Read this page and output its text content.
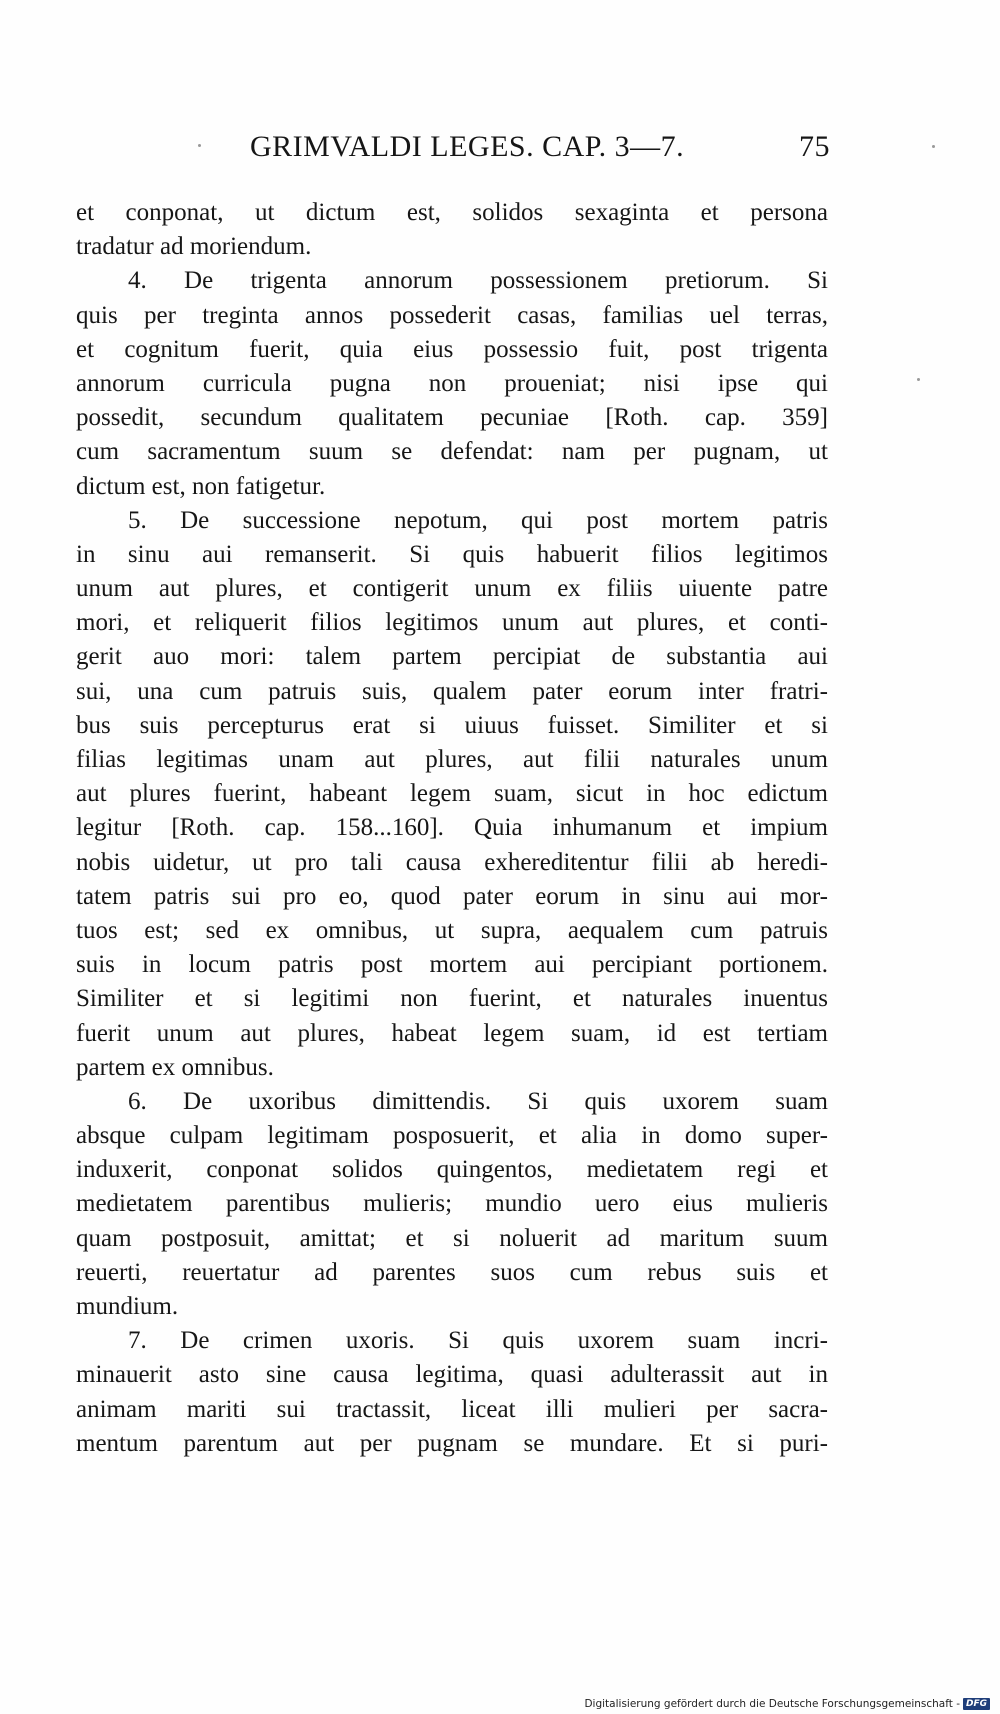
GRIMVALDI LEGES. CAP. 3—7.	75
et conponat, ut dictum est, solidos sexaginta et persona
tradatur ad moriendum.
4. De trigenta annorum possessionem pretiorum. Si
quis per treginta annos possederit casas, familias uel terras,
et cognitum fuerit, quia eius possessio fuit, post trigenta
annorum curricula pugna non proueniat; nisi ipse qui
possedit, secundum qualitatem pecuniae [Roth. cap. 359]
cum sacramentum suum se defendat: nam per pugnam, ut
dictum est, non fatigetur.
5. De successione nepotum, qui post mortem patris
in sinu aui remanserit. Si quis habuerit filios legitimos
unum aut plures, et contigerit unum ex filiis uiuente patre
mori, et reliquerit filios legitimos unum aut plures, et conti-
gerit auo mori: talem partem percipiat de substantia aui
sui, una cum patruis suis, qualem pater eorum inter fratri-
bus suis percepturus erat si uiuus fuisset. Similiter et si
filias legitimas unam aut plures, aut filii naturales unum
aut plures fuerint, habeant legem suam, sicut in hoc edictum
legitur [Roth. cap. 158...160]. Quia inhumanum et impium
nobis uidetur, ut pro tali causa exhereditentur filii ab heredi-
tatem patris sui pro eo, quod pater eorum in sinu aui mor-
tuos est; sed ex omnibus, ut supra, aequalem cum patruis
suis in locum patris post mortem aui percipiant portionem.
Similiter et si legitimi non fuerint, et naturales inuentus
fuerit unum aut plures, habeat legem suam, id est tertiam
partem ex omnibus.
6. De uxoribus dimittendis. Si quis uxorem suam
absque culpam legitimam posposuerit, et alia in domo super-
induxerit, conponat solidos quingentos, medietatem regi et
medietatem parentibus mulieris; mundio uero eius mulieris
quam postposuit, amittat; et si noluerit ad maritum suum
reuerti, reuertatur ad parentes suos cum rebus suis et
mundium.
7. De crimen uxoris. Si quis uxorem suam incri-
minauerit asto sine causa legitima, quasi adulterassit aut in
animam mariti sui tractassit, liceat illi mulieri per sacra-
mentum parentum aut per pugnam se mundare. Et si puri-
Digitalisierung gefördert durch die Deutsche Forschungsgemeinschaft - DFG
